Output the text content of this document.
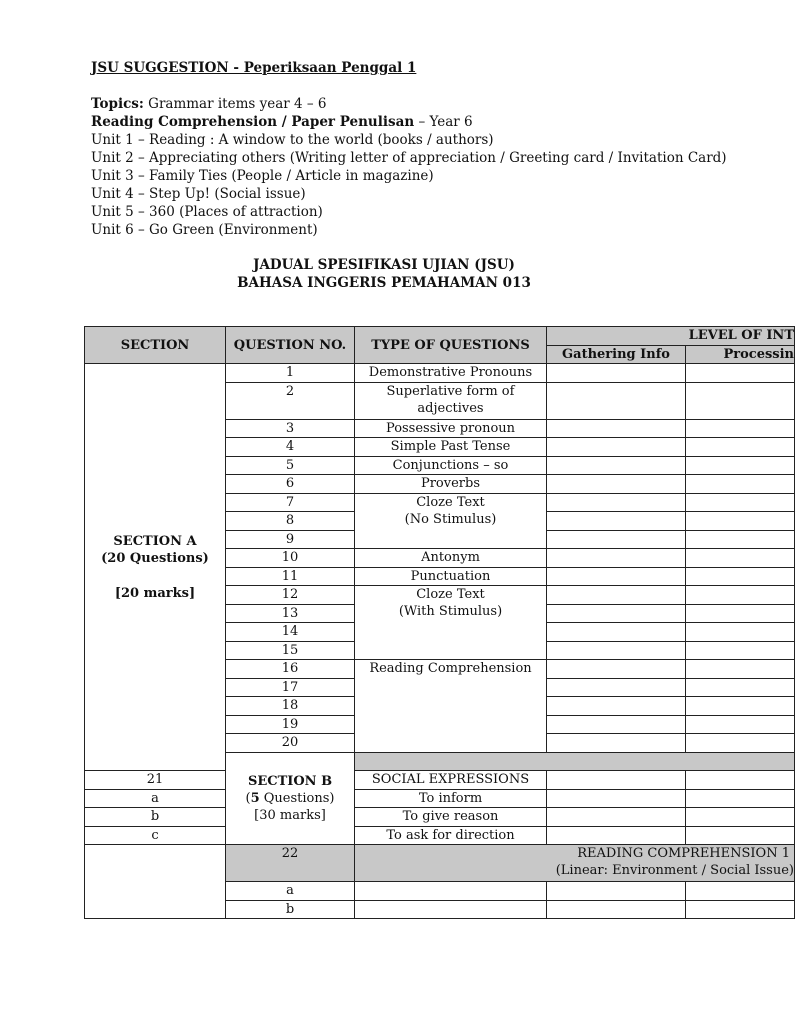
JSU SUGGESTION - Peperiksaan Penggal 1
Topics: Grammar items year 4 – 6
Reading Comprehension / Paper Penulisan – Year 6
Unit 1 – Reading : A window to the world (books / authors)
Unit 2 – Appreciating others (Writing letter of appreciation / Greeting card / Invitation Card)
Unit 3 – Family Ties (People / Article in magazine)
Unit 4 – Step Up! (Social issue)
Unit 5 – 360 (Places of attraction)
Unit 6 – Go Green (Environment)
JADUAL SPESIFIKASI UJIAN (JSU)
BAHASA INGGERIS PEMAHAMAN 013
SECTION	QUESTION NO.	TYPE OF QUESTIONS	LEVEL OF INT	
			Gathering Info	Processin

SECTION A
(20 Questions)
[20 marks]	1	Demonstrative Pronouns		
	2	Superlative form of
adjectives		

	3	Possessive pronoun		
	4	Simple Past Tense		
	5	Conjunctions – so		
	6	Proverbs		
	7	Cloze Text
(No Stimulus)		

	8			
	9			
	10	Antonym		
	11	Punctuation		
	12	Cloze Text
(With Stimulus)		

	13			
	14			
	15			
	16	Reading Comprehension		
	17			
	18			
	19			
	20			

	SECTION B
(5 Questions)
[30 marks]			

21		SOCIAL EXPRESSIONS		
a		To inform		
b		To give reason		
c		To ask for direction		
	22	READING COMPREHENSION 1
(Linear: Environment / Social Issue)		

	a			
	b			
